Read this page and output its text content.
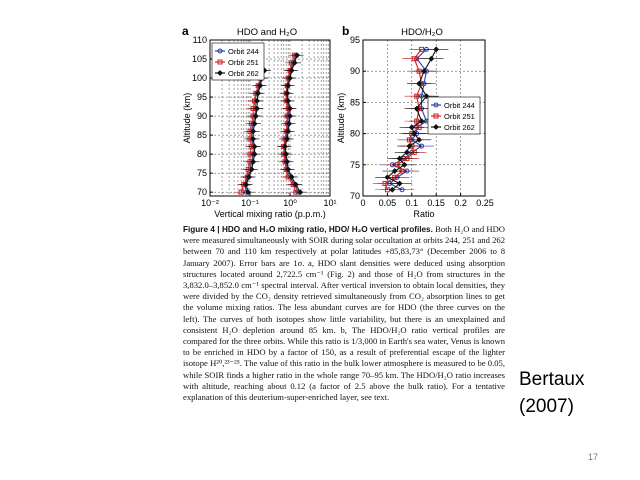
a	HDO and H₂O
10⁻² 10⁻¹	10⁰	10¹
70
75
80
85
90
95
100
105
110
Vertical mixing ratio (p.p.m.)
Altitude (km)
Orbit 244
Orbit 251
Orbit 262
b	HDO/H₂O
0 0.05 0.1 0.15 0.2 0.25
70
75
80
85
90
95
Ratio
Altitude (km)	Orbit 244
Orbit 251
Orbit 262

Figure 4 | HDO and H₂O mixing ratio, HDO/ H₂O vertical profiles. Both H₂O and HDO were measured simultaneously with SOIR during solar occultation at orbits 244, 251 and 262 between 70 and 110 km respectively at polar latitudes +85,83,73° (December 2006 to 8 January 2007). Error bars are 1σ. a, HDO slant densities were deduced using absorption structures located around 2,722.5 cm⁻¹ (Fig. 2) and those of H₂O from structures in the 3,832.0–3,852.0 cm⁻¹ spectral interval. After vertical inversion to obtain local densities, they were divided by the CO₂ density retrieved simultaneously from CO₂ absorption lines to get the volume mixing ratios. The less abundant curves are for HDO (the three curves on the left). The curves of both isotopes show little variability, but there is an unexplained and consistent H₂O depletion around 85 km. b, The HDO/H₂O ratio vertical profiles are compared for the three orbits. While this ratio is 1/3,000 in Earth's sea water, Venus is known to be enriched in HDO by a factor of 150, as a result of preferential escape of the lighter isotope H²⁰,²³⁻²⁵. The value of this ratio in the bulk lower atmosphere is measured to be 0.05, while SOIR finds a higher ratio in the whole range 70–95 km. The HDO/H₂O ratio increases with altitude, reaching about 0.12 (a factor of 2.5 above the bulk ratio). For a tentative explanation of this deuterium-super-enriched layer, see text.

Bertaux
(2007)
17
